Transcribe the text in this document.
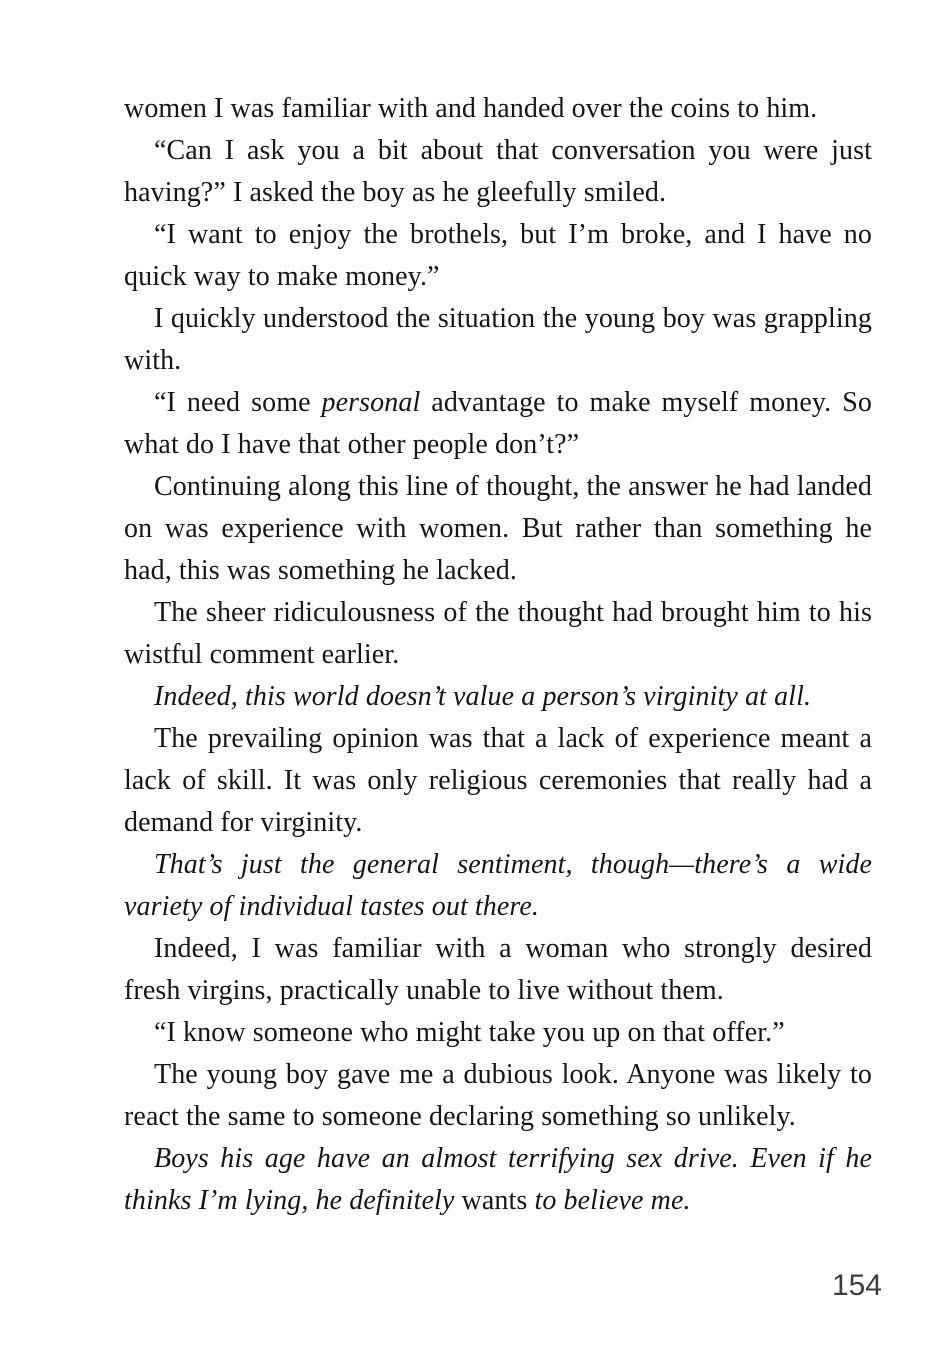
women I was familiar with and handed over the coins to him.

“Can I ask you a bit about that conversation you were just having?” I asked the boy as he gleefully smiled.

“I want to enjoy the brothels, but I’m broke, and I have no quick way to make money.”

I quickly understood the situation the young boy was grappling with.

“I need some personal advantage to make myself money. So what do I have that other people don’t?”

Continuing along this line of thought, the answer he had landed on was experience with women. But rather than something he had, this was something he lacked.

The sheer ridiculousness of the thought had brought him to his wistful comment earlier.

Indeed, this world doesn’t value a person’s virginity at all.

The prevailing opinion was that a lack of experience meant a lack of skill. It was only religious ceremonies that really had a demand for virginity.

That’s just the general sentiment, though—there’s a wide variety of individual tastes out there.

Indeed, I was familiar with a woman who strongly desired fresh virgins, practically unable to live without them.

“I know someone who might take you up on that offer.”

The young boy gave me a dubious look. Anyone was likely to react the same to someone declaring something so unlikely.

Boys his age have an almost terrifying sex drive. Even if he thinks I’m lying, he definitely wants to believe me.

154
